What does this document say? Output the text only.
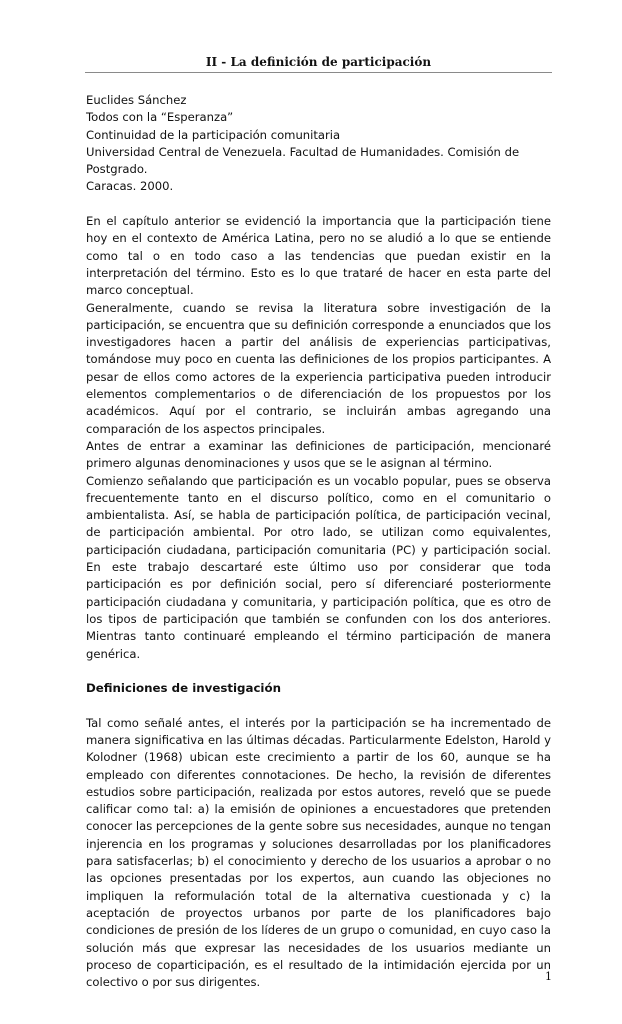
II - La definición de participación

Euclides Sánchez

Todos con la “Esperanza”

Continuidad de la participación comunitaria

Universidad Central de Venezuela. Facultad de Humanidades. Comisión de Postgrado.

Caracas. 2000.

En el capítulo anterior se evidenció la importancia que la participación tiene hoy en el contexto de América Latina, pero no se aludió a lo que se entiende como tal o en todo caso a las tendencias que puedan existir en la interpretación del término. Esto es lo que trataré de hacer en esta parte del marco conceptual.

Generalmente, cuando se revisa la literatura sobre investigación de la participación, se encuentra que su definición corresponde a enunciados que los investigadores hacen a partir del análisis de experiencias participativas, tomándose muy poco en cuenta las definiciones de los propios participantes. A pesar de ellos como actores de la experiencia participativa pueden introducir elementos complementarios o de diferenciación de los propuestos por los académicos. Aquí por el contrario, se incluirán ambas agregando una comparación de los aspectos principales.

Antes de entrar a examinar las definiciones de participación, mencionaré primero algunas denominaciones y usos que se le asignan al término.

Comienzo señalando que participación es un vocablo popular, pues se observa frecuentemente tanto en el discurso político, como en el comunitario o ambientalista. Así, se habla de participación política, de participación vecinal, de participación ambiental. Por otro lado, se utilizan como equivalentes, participación ciudadana, participación comunitaria (PC) y participación social. En este trabajo descartaré este último uso por considerar que toda participación es por definición social, pero sí diferenciaré posteriormente participación ciudadana y comunitaria, y participación política, que es otro de los tipos de participación que también se confunden con los dos anteriores. Mientras tanto continuaré empleando el término participación de manera genérica.

Definiciones de investigación

Tal como señalé antes, el interés por la participación se ha incrementado de manera significativa en las últimas décadas. Particularmente Edelston, Harold y Kolodner (1968) ubican este crecimiento a partir de los 60, aunque se ha empleado con diferentes connotaciones. De hecho, la revisión de diferentes estudios sobre participación, realizada por estos autores, reveló que se puede calificar como tal: a) la emisión de opiniones a encuestadores que pretenden conocer las percepciones de la gente sobre sus necesidades, aunque no tengan injerencia en los programas y soluciones desarrolladas por los planificadores para satisfacerlas; b) el conocimiento y derecho de los usuarios a aprobar o no las opciones presentadas por los expertos, aun cuando las objeciones no impliquen la reformulación total de la alternativa cuestionada y c) la aceptación de proyectos urbanos por parte de los planificadores bajo condiciones de presión de los líderes de un grupo o comunidad, en cuyo caso la solución más que expresar las necesidades de los usuarios mediante un proceso de coparticipación, es el resultado de la intimidación ejercida por un colectivo o por sus dirigentes.	1
